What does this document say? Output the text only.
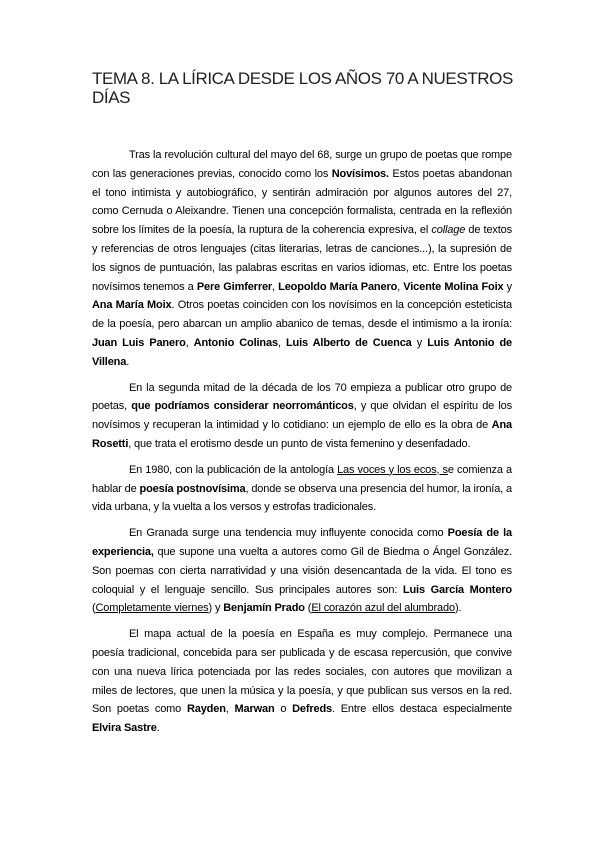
TEMA 8. LA LÍRICA DESDE LOS AÑOS 70 A NUESTROS DÍAS

Tras la revolución cultural del mayo del 68, surge un grupo de poetas que rompe con las generaciones previas, conocido como los Novísimos. Estos poetas abandonan el tono intimista y autobiográfico, y sentirán admiración por algunos autores del 27, como Cernuda o Aleixandre. Tienen una concepción formalista, centrada en la reflexión sobre los límites de la poesía, la ruptura de la coherencia expresiva, el collage de textos y referencias de otros lenguajes (citas literarias, letras de canciones...), la supresión de los signos de puntuación, las palabras escritas en varios idiomas, etc. Entre los poetas novísimos tenemos a Pere Gimferrer, Leopoldo María Panero, Vicente Molina Foix y Ana María Moix. Otros poetas coinciden con los novísimos en la concepción esteticista de la poesía, pero abarcan un amplio abanico de temas, desde el intimismo a la ironía: Juan Luis Panero, Antonio Colinas, Luis Alberto de Cuenca y Luis Antonio de Villena.

En la segunda mitad de la década de los 70 empieza a publicar otro grupo de poetas, que podríamos considerar neorrománticos, y que olvidan el espíritu de los novísimos y recuperan la intimidad y lo cotidiano: un ejemplo de ello es la obra de Ana Rosetti, que trata el erotismo desde un punto de vista femenino y desenfadado.

En 1980, con la publicación de la antología Las voces y los ecos, se comienza a hablar de poesía postnovísima, donde se observa una presencia del humor, la ironía, a vida urbana, y la vuelta a los versos y estrofas tradicionales.

En Granada surge una tendencia muy influyente conocida como Poesía de la experiencia, que supone una vuelta a autores como Gil de Biedma o Ángel González. Son poemas con cierta narratividad y una visión desencantada de la vida. El tono es coloquial y el lenguaje sencillo. Sus principales autores son: Luis García Montero (Completamente viernes) y Benjamín Prado (El corazón azul del alumbrado).

El mapa actual de la poesía en España es muy complejo. Permanece una poesía tradicional, concebida para ser publicada y de escasa repercusión, que convive con una nueva lírica potenciada por las redes sociales, con autores que movilizan a miles de lectores, que unen la música y la poesía, y que publican sus versos en la red. Son poetas como Rayden, Marwan o Defreds. Entre ellos destaca especialmente Elvira Sastre.
